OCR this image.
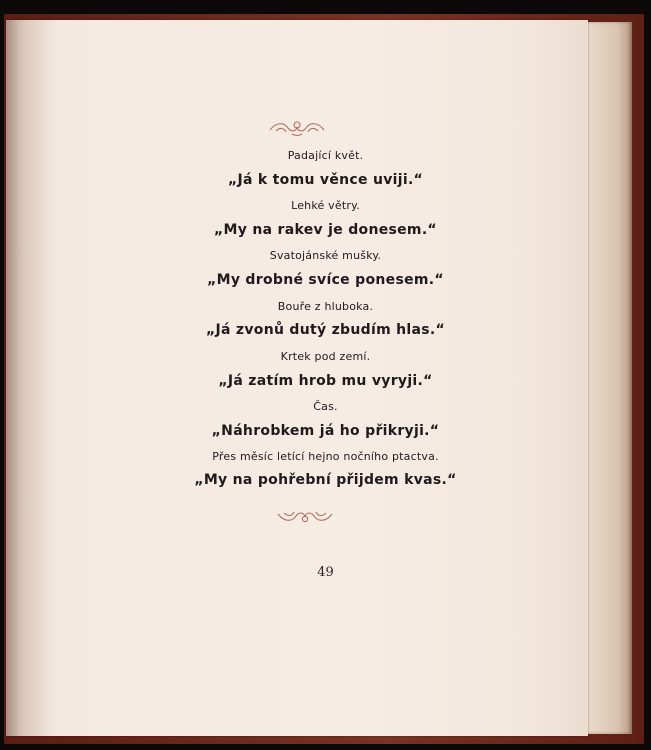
Padající květ.
„Já k tomu věnce uviji.“
Lehké větry.
„My na rakev je donesem.“
Svatojánské mušky.
„My drobné svíce ponesem.“
Bouře z hluboka.
„Já zvonů dutý zbudím hlas.“
Krtek pod zemí.
„Já zatím hrob mu vyryji.“
Čas.
„Náhrobkem já ho přikryji.“
Přes měsíc letící hejno nočního ptactva.
„My na pohřební přijdem kvas.“
49
